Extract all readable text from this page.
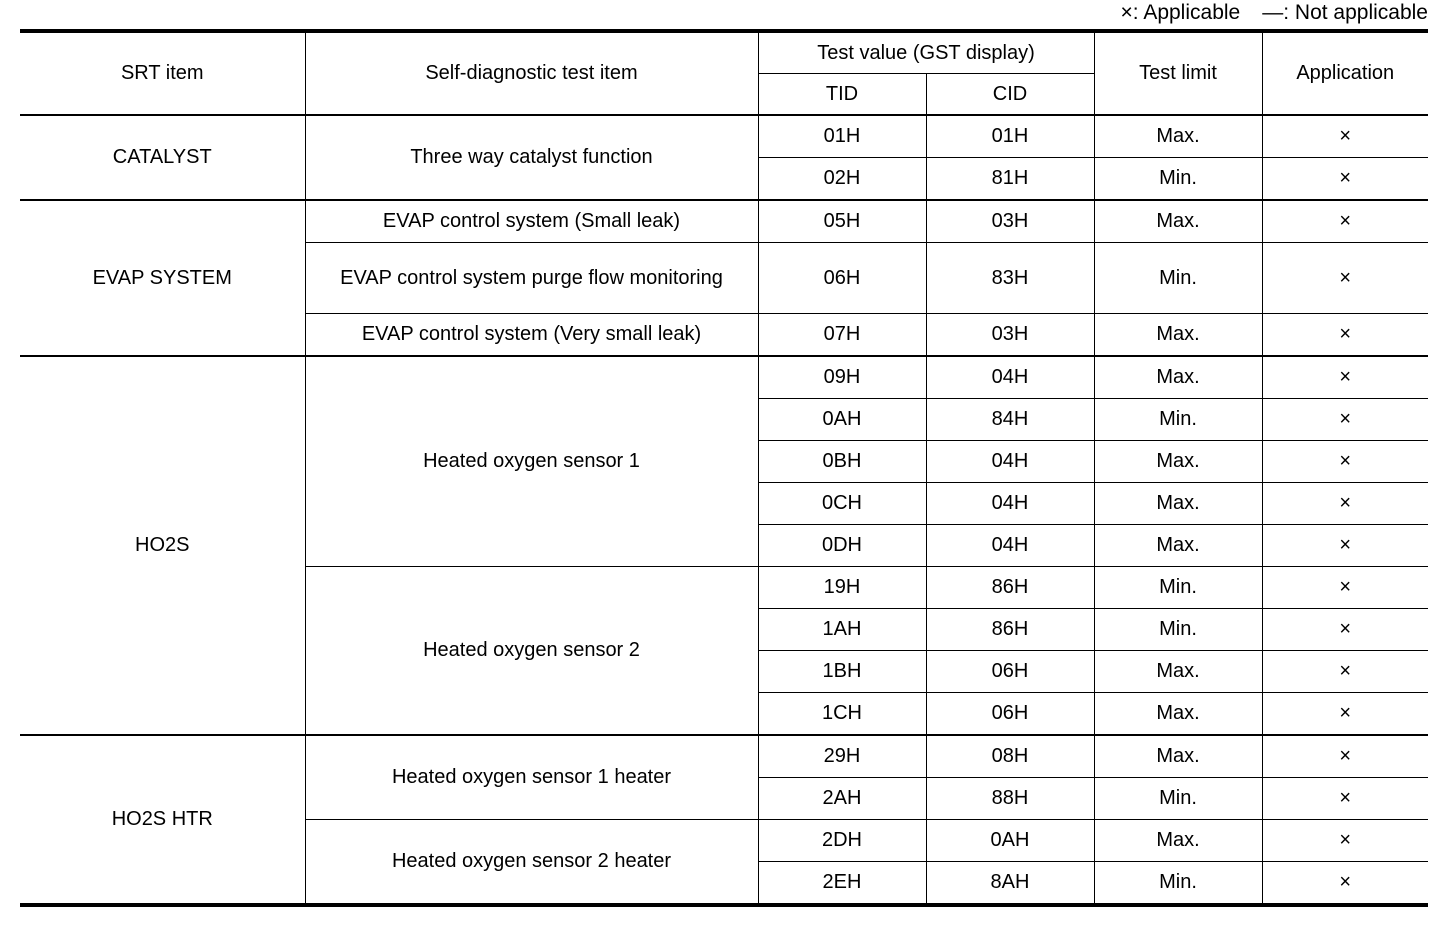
×: Applicable —: Not applicable
SRT item	Self-diagnostic test item	Test value (GST display)		Test limit	Application
		TID	CID		
CATALYST	Three way catalyst function	01H	01H	Max.	×
		02H	81H	Min.	×
EVAP SYSTEM	EVAP control system (Small leak)	05H	03H	Max.	×
	EVAP control system purge flow monitoring	06H	83H	Min.	×
	EVAP control system (Very small leak)	07H	03H	Max.	×
HO2S	Heated oxygen sensor 1	09H	04H	Max.	×
		0AH	84H	Min.	×
		0BH	04H	Max.	×
		0CH	04H	Max.	×
		0DH	04H	Max.	×
	Heated oxygen sensor 2	19H	86H	Min.	×
		1AH	86H	Min.	×
		1BH	06H	Max.	×
		1CH	06H	Max.	×
HO2S HTR	Heated oxygen sensor 1 heater	29H	08H	Max.	×
		2AH	88H	Min.	×
	Heated oxygen sensor 2 heater	2DH	0AH	Max.	×
		2EH	8AH	Min.	×
